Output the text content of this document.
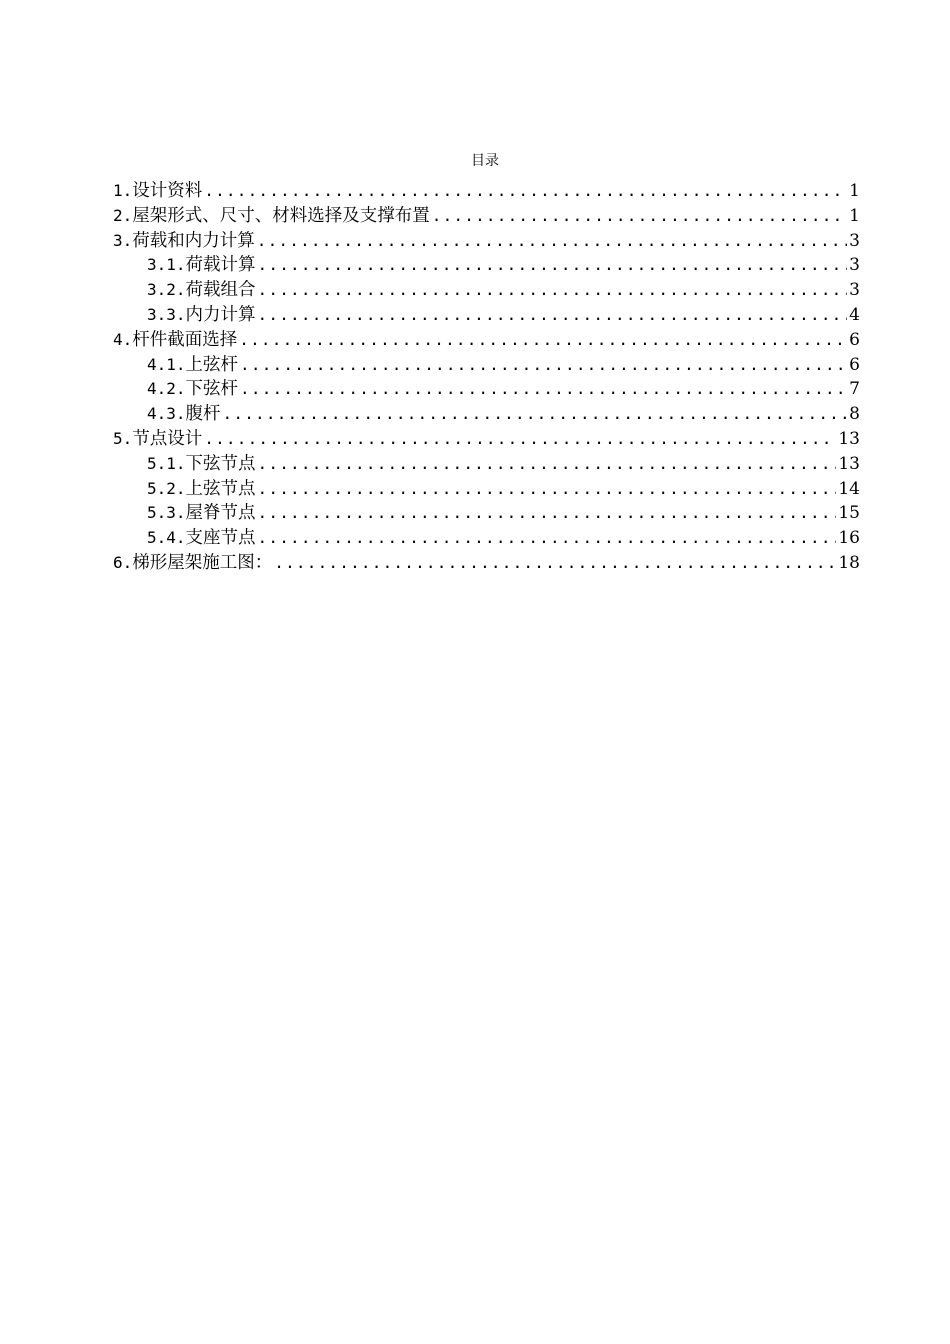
目录
1. 设计资料 .....	1
2. 屋架形式、尺寸、材料选择及支撑布置 .....	1
3. 荷载和内力计算 .....	3
3.1. 荷载计算 .....	3
3.2. 荷载组合 .....	3
3.3. 内力计算 .....	4
4. 杆件截面选择 .....	6
4.1. 上弦杆 .....	6
4.2. 下弦杆 .....	7
4.3. 腹杆 .....	8
5. 节点设计 .....	13
5.1. 下弦节点 .....	13
5.2. 上弦节点 .....	14
5.3. 屋脊节点 .....	15
5.4. 支座节点 .....	16
6. 梯形屋架施工图： .....	18
